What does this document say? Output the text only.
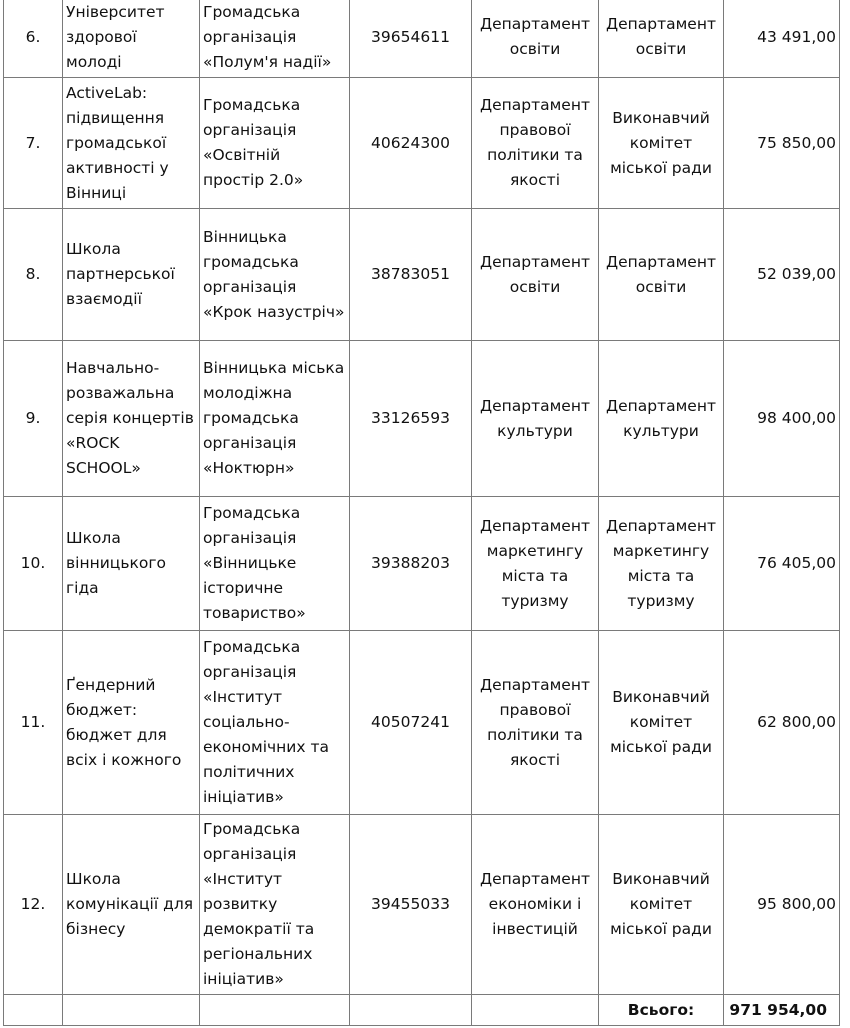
6.	Університет здорової молоді	Громадська організація «Полум'я надії»	39654611	Департамент освіти	Департамент освіти	43 491,00
7.	ActiveLab: підвищення громадської активності у Вінниці	Громадська організація «Освітній простір 2.0»	40624300	Департамент правової політики та якості	Виконавчий комітет міської ради	75 850,00
8.	Школа партнерської взаємодії	Вінницька громадська організація «Крок назустріч»	38783051	Департамент освіти	Департамент освіти	52 039,00
9.	Навчально-розважальна серія концертів «ROCK SCHOOL»	Вінницька міська молодіжна громадська організація «Ноктюрн»	33126593	Департамент культури	Департамент культури	98 400,00
10.	Школа вінницького гіда	Громадська організація «Вінницьке історичне товариство»	39388203	Департамент маркетингу міста та туризму	Департамент маркетингу міста та туризму	76 405,00
11.	Ґендерний бюджет: бюджет для всіх і кожного	Громадська організація «Інститут соціально-економічних та політичних ініціатив»	40507241	Департамент правової політики та якості	Виконавчий комітет міської ради	62 800,00
12.	Школа комунікації для бізнесу	Громадська організація «Інститут розвитку демократії та регіональних ініціатив»	39455033	Департамент економіки і інвестицій	Виконавчий комітет міської ради	95 800,00
					Всього:	971 954,00
